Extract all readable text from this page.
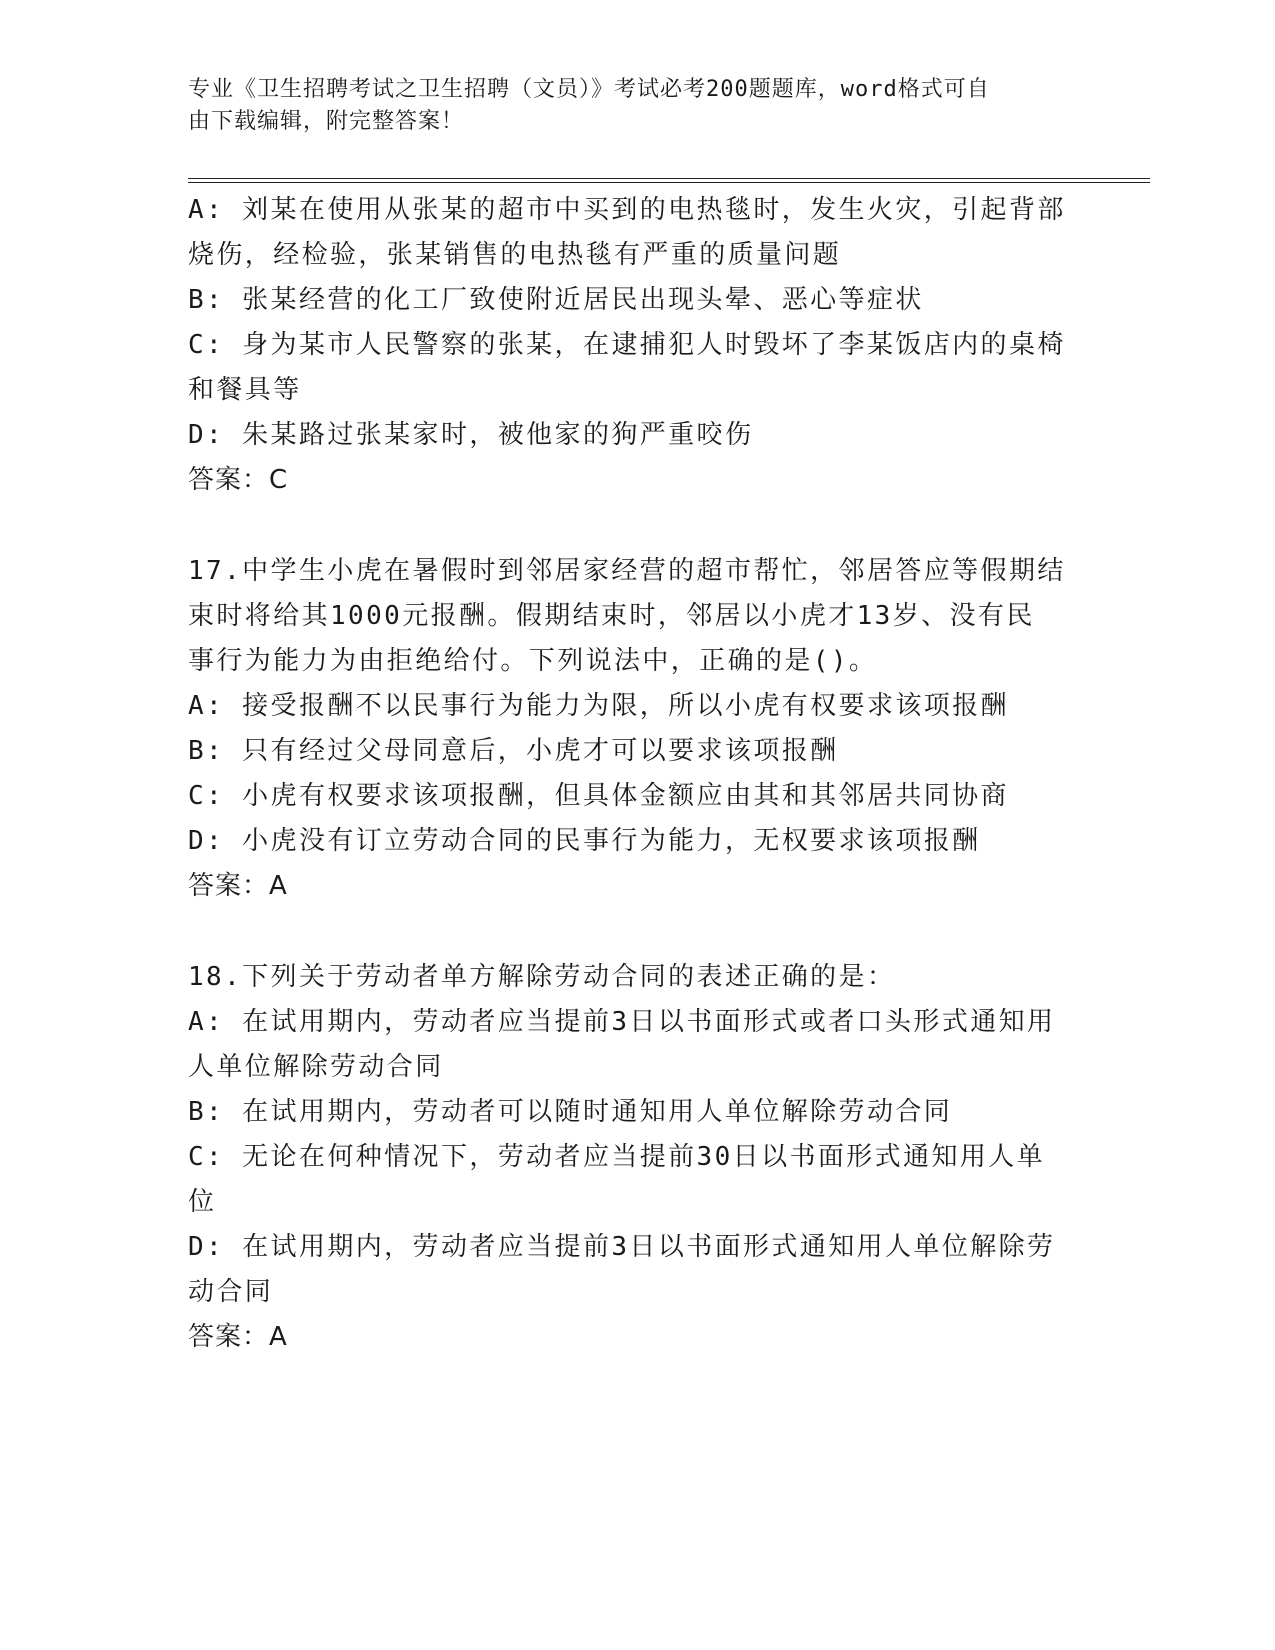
专业《卫生招聘考试之卫生招聘（文员）》考试必考200题题库，word格式可自
由下载编辑，附完整答案！
A: 刘某在使用从张某的超市中买到的电热毯时，发生火灾，引起背部
烧伤，经检验，张某销售的电热毯有严重的质量问题
B: 张某经营的化工厂致使附近居民出现头晕、恶心等症状
C: 身为某市人民警察的张某，在逮捕犯人时毁坏了李某饭店内的桌椅
和餐具等
D: 朱某路过张某家时，被他家的狗严重咬伤
答案：C
17.中学生小虎在暑假时到邻居家经营的超市帮忙，邻居答应等假期结
束时将给其1000元报酬。假期结束时，邻居以小虎才13岁、没有民
事行为能力为由拒绝给付。下列说法中，正确的是()。
A: 接受报酬不以民事行为能力为限，所以小虎有权要求该项报酬
B: 只有经过父母同意后，小虎才可以要求该项报酬
C: 小虎有权要求该项报酬，但具体金额应由其和其邻居共同协商
D: 小虎没有订立劳动合同的民事行为能力，无权要求该项报酬
答案：A
18.下列关于劳动者单方解除劳动合同的表述正确的是：
A: 在试用期内，劳动者应当提前3日以书面形式或者口头形式通知用
人单位解除劳动合同
B: 在试用期内，劳动者可以随时通知用人单位解除劳动合同
C: 无论在何种情况下，劳动者应当提前30日以书面形式通知用人单
位
D: 在试用期内，劳动者应当提前3日以书面形式通知用人单位解除劳
动合同
答案：A
